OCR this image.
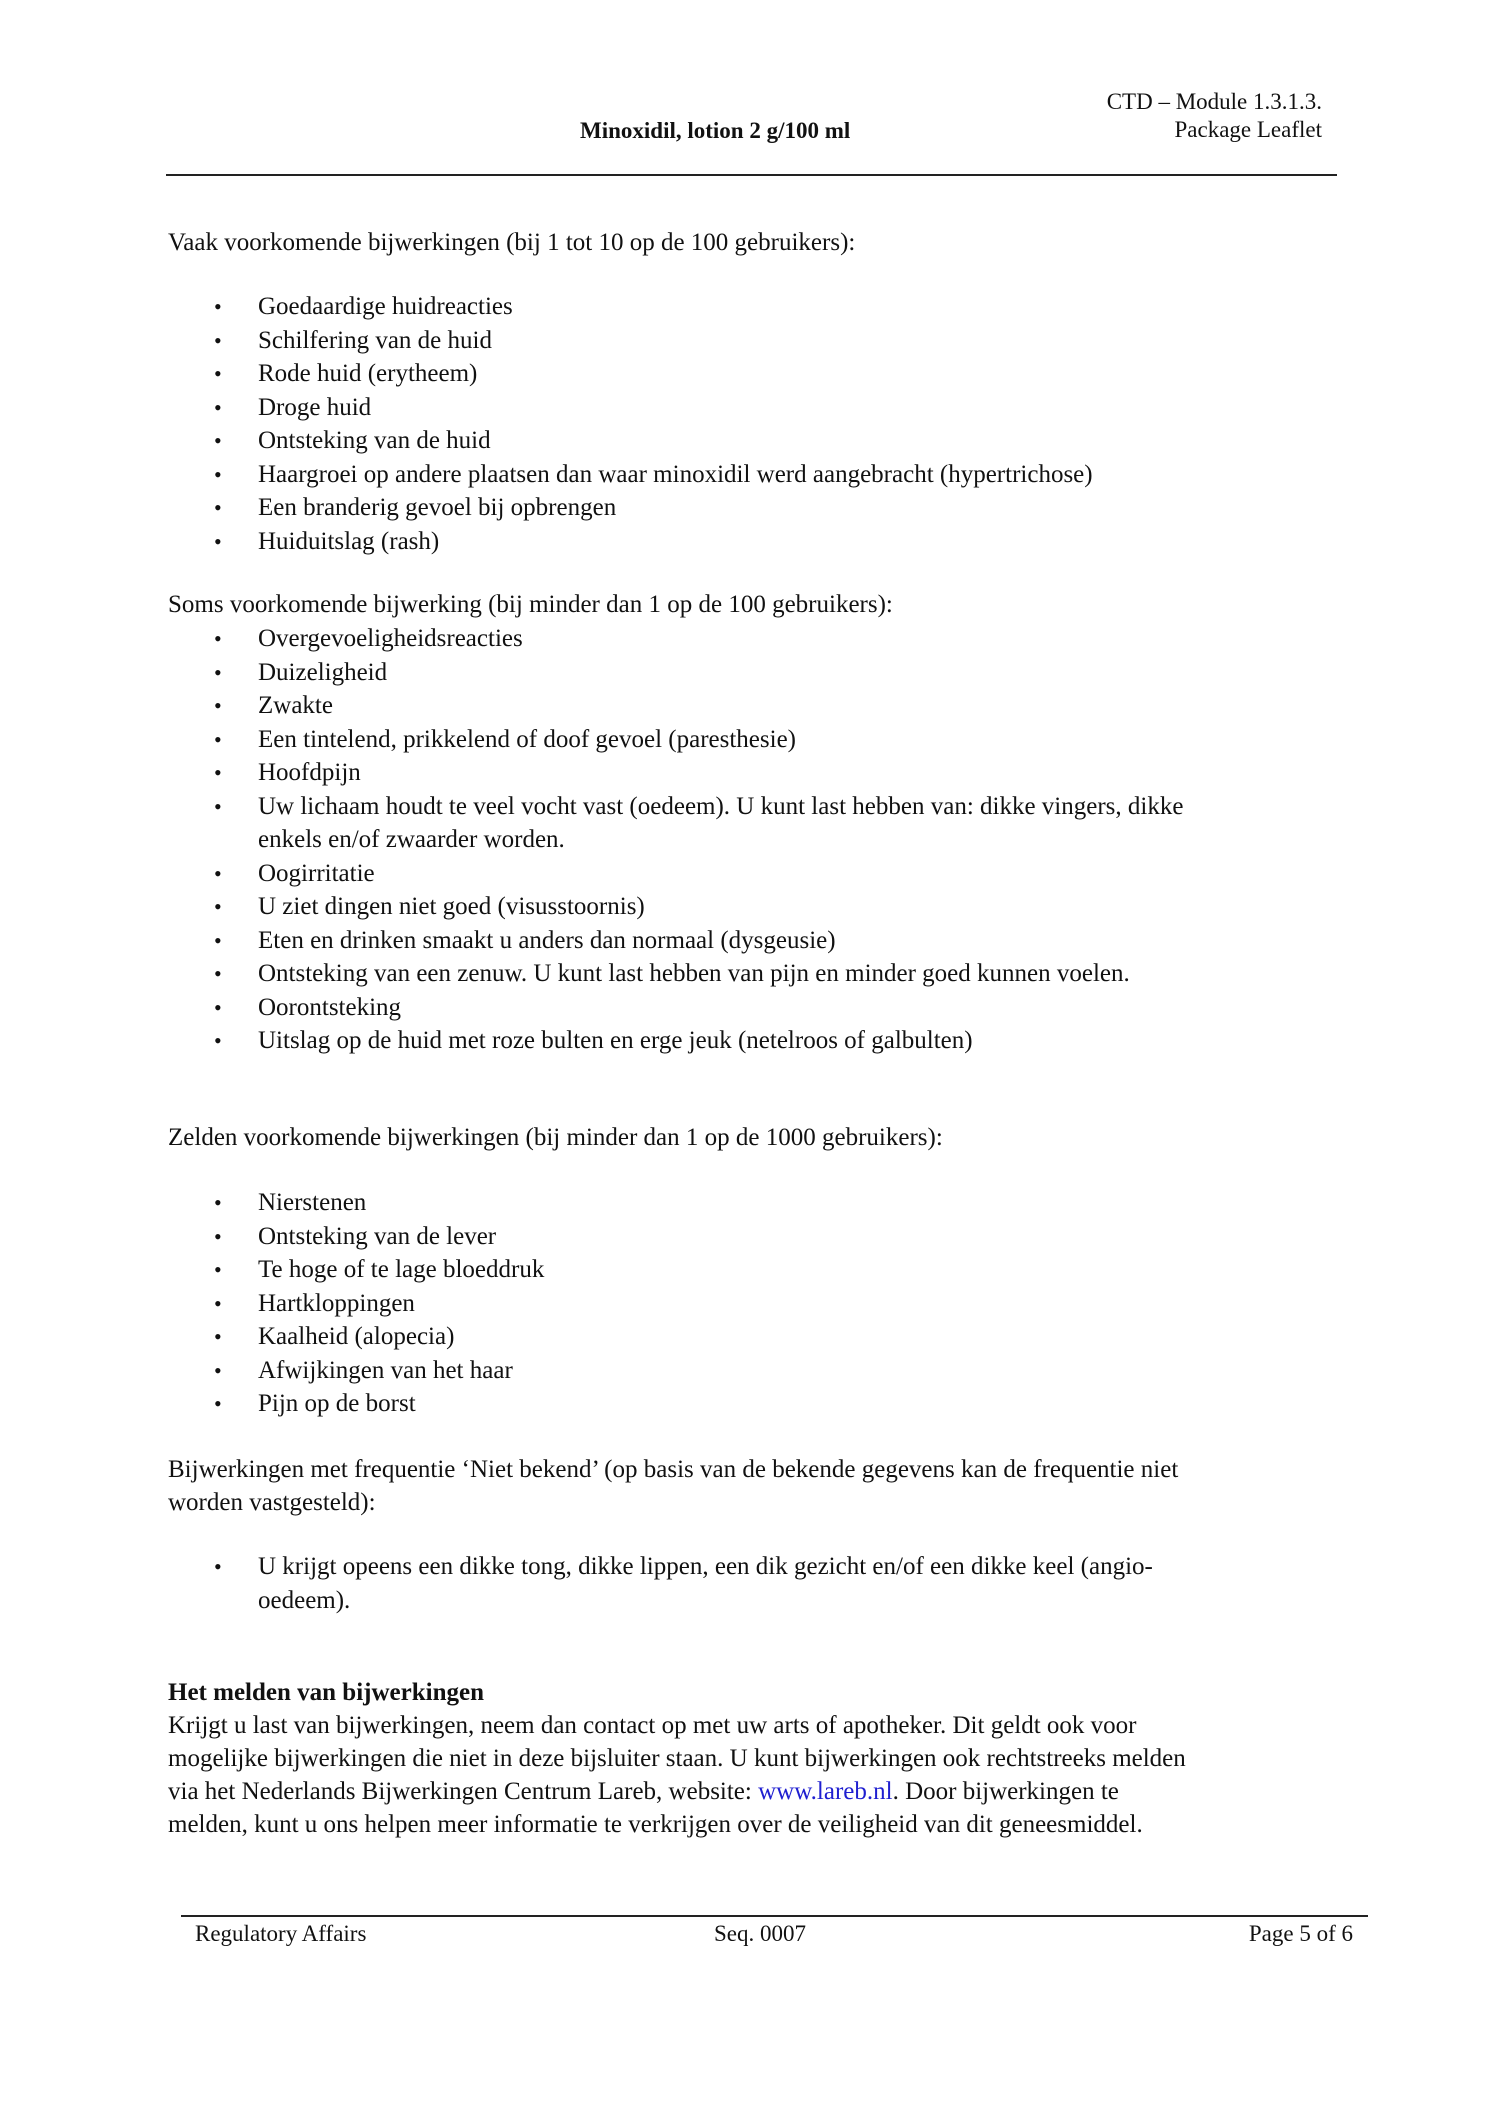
CTD – Module 1.3.1.3.
Package Leaflet
Minoxidil, lotion 2 g/100 ml
Vaak voorkomende bijwerkingen (bij 1 tot 10 op de 100 gebruikers):
• Goedaardige huidreacties
• Schilfering van de huid
• Rode huid (erytheem)
• Droge huid
• Ontsteking van de huid
• Haargroei op andere plaatsen dan waar minoxidil werd aangebracht (hypertrichose)
• Een branderig gevoel bij opbrengen
• Huiduitslag (rash)
Soms voorkomende bijwerking (bij minder dan 1 op de 100 gebruikers):
• Overgevoeligheidsreacties
• Duizeligheid
• Zwakte
• Een tintelend, prikkelend of doof gevoel (paresthesie)
• Hoofdpijn
• Uw lichaam houdt te veel vocht vast (oedeem). U kunt last hebben van: dikke vingers, dikke
enkels en/of zwaarder worden.
• Oogirritatie
• U ziet dingen niet goed (visusstoornis)
• Eten en drinken smaakt u anders dan normaal (dysgeusie)
• Ontsteking van een zenuw. U kunt last hebben van pijn en minder goed kunnen voelen.
• Oorontsteking
• Uitslag op de huid met roze bulten en erge jeuk (netelroos of galbulten)
Zelden voorkomende bijwerkingen (bij minder dan 1 op de 1000 gebruikers):
• Nierstenen
• Ontsteking van de lever
• Te hoge of te lage bloeddruk
• Hartkloppingen
• Kaalheid (alopecia)
• Afwijkingen van het haar
• Pijn op de borst
Bijwerkingen met frequentie ‘Niet bekend’ (op basis van de bekende gegevens kan de frequentie niet
worden vastgesteld):
• U krijgt opeens een dikke tong, dikke lippen, een dik gezicht en/of een dikke keel (angio-
oedeem).
Het melden van bijwerkingen
Krijgt u last van bijwerkingen, neem dan contact op met uw arts of apotheker. Dit geldt ook voor
mogelijke bijwerkingen die niet in deze bijsluiter staan. U kunt bijwerkingen ook rechtstreeks melden
via het Nederlands Bijwerkingen Centrum Lareb, website: www.lareb.nl. Door bijwerkingen te
melden, kunt u ons helpen meer informatie te verkrijgen over de veiligheid van dit geneesmiddel.
Regulatory Affairs	Seq. 0007	Page 5 of 6
